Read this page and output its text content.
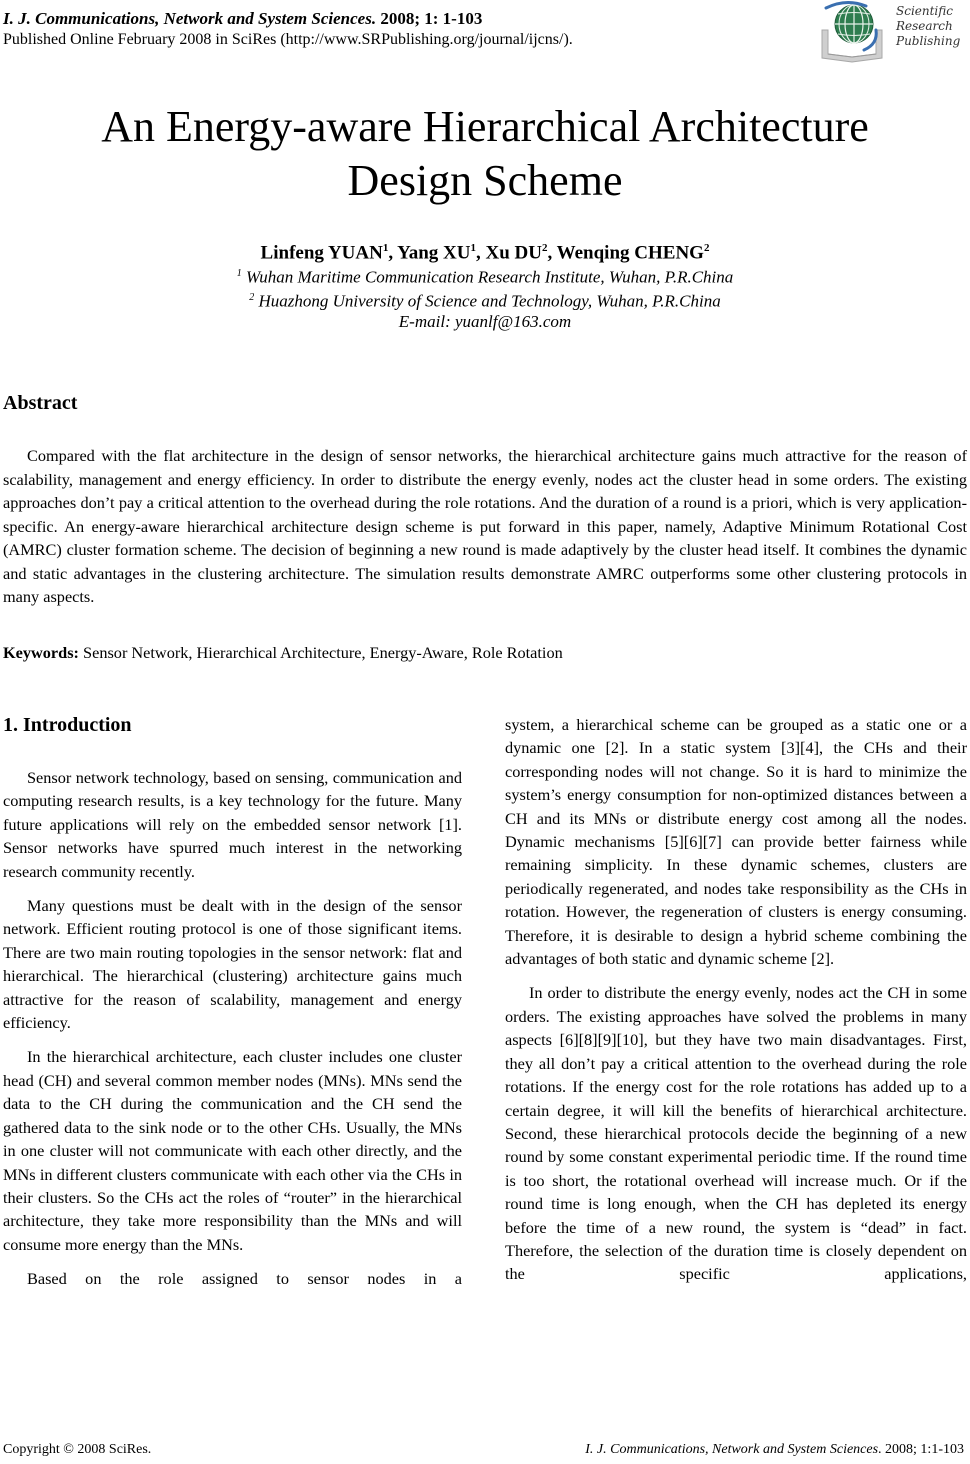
I. J. Communications, Network and System Sciences. 2008; 1: 1-103
Published Online February 2008 in SciRes (http://www.SRPublishing.org/journal/ijcns/).
Scientific
Research
Publishing
An Energy-aware Hierarchical Architecture
Design Scheme
Linfeng YUAN$^1$, Yang $XU^1$, Xu $DU^2$, Wenqing CHENG$^2$
$^1$ Wuhan Maritime Communication Research Institute, Wuhan, P.R.China
$^2$ Huazhong University of Science and Technology, Wuhan, P.R.China
E-mail: yuanlf@163.com
Abstract

Compared with the flat architecture in the design of sensor networks, the hierarchical architecture gains much attractive for the reason of scalability, management and energy efficiency. In order to distribute the energy evenly, nodes act the cluster head in some orders. The existing approaches don’t pay a critical attention to the overhead during the role rotations. And the duration of a round is a priori, which is very application-specific. An energy-aware hierarchical architecture design scheme is put forward in this paper, namely, Adaptive Minimum Rotational Cost (AMRC) cluster formation scheme. The decision of beginning a new round is made adaptively by the cluster head itself. It combines the dynamic and static advantages in the clustering architecture. The simulation results demonstrate AMRC outperforms some other clustering protocols in many aspects.

Keywords: Sensor Network, Hierarchical Architecture, Energy-Aware, Role Rotation
1. Introduction

Sensor network technology, based on sensing, communication and computing research results, is a key technology for the future. Many future applications will rely on the embedded sensor network [1]. Sensor networks have spurred much interest in the networking research community recently.

Many questions must be dealt with in the design of the sensor network. Efficient routing protocol is one of those significant items. There are two main routing topologies in the sensor network: flat and hierarchical. The hierarchical (clustering) architecture gains much attractive for the reason of scalability, management and energy efficiency.

In the hierarchical architecture, each cluster includes one cluster head (CH) and several common member nodes (MNs). MNs send the data to the CH during the communication and the CH send the gathered data to the sink node or to the other CHs. Usually, the MNs in one cluster will not communicate with each other directly, and the MNs in different clusters communicate with each other via the CHs in their clusters. So the CHs act the roles of “router” in the hierarchical architecture, they take more responsibility than the MNs and will consume more energy than the MNs.

Based on the role assigned to sensor nodes in a

system, a hierarchical scheme can be grouped as a static one or a dynamic one [2]. In a static system [3][4], the CHs and their corresponding nodes will not change. So it is hard to minimize the system’s energy consumption for non-optimized distances between a CH and its MNs or distribute energy cost among all the nodes. Dynamic mechanisms [5][6][7] can provide better fairness while remaining simplicity. In these dynamic schemes, clusters are periodically regenerated, and nodes take responsibility as the CHs in rotation. However, the regeneration of clusters is energy consuming. Therefore, it is desirable to design a hybrid scheme combining the advantages of both static and dynamic scheme [2].

In order to distribute the energy evenly, nodes act the CH in some orders. The existing approaches have solved the problems in many aspects [6][8][9][10], but they have two main disadvantages. First, they all don’t pay a critical attention to the overhead during the role rotations. If the energy cost for the role rotations has added up to a certain degree, it will kill the benefits of hierarchical architecture. Second, these hierarchical protocols decide the beginning of a new round by some constant experimental periodic time. If the round time is too short, the rotational overhead will increase much. Or if the round time is long enough, when the CH has depleted its energy before the time of a new round, the system is “dead” in fact. Therefore, the selection of the duration time is closely dependent on the specific applications,

Copyright © 2008 SciRes.	I. J. Communications, Network and System Sciences. 2008; 1:1-103
